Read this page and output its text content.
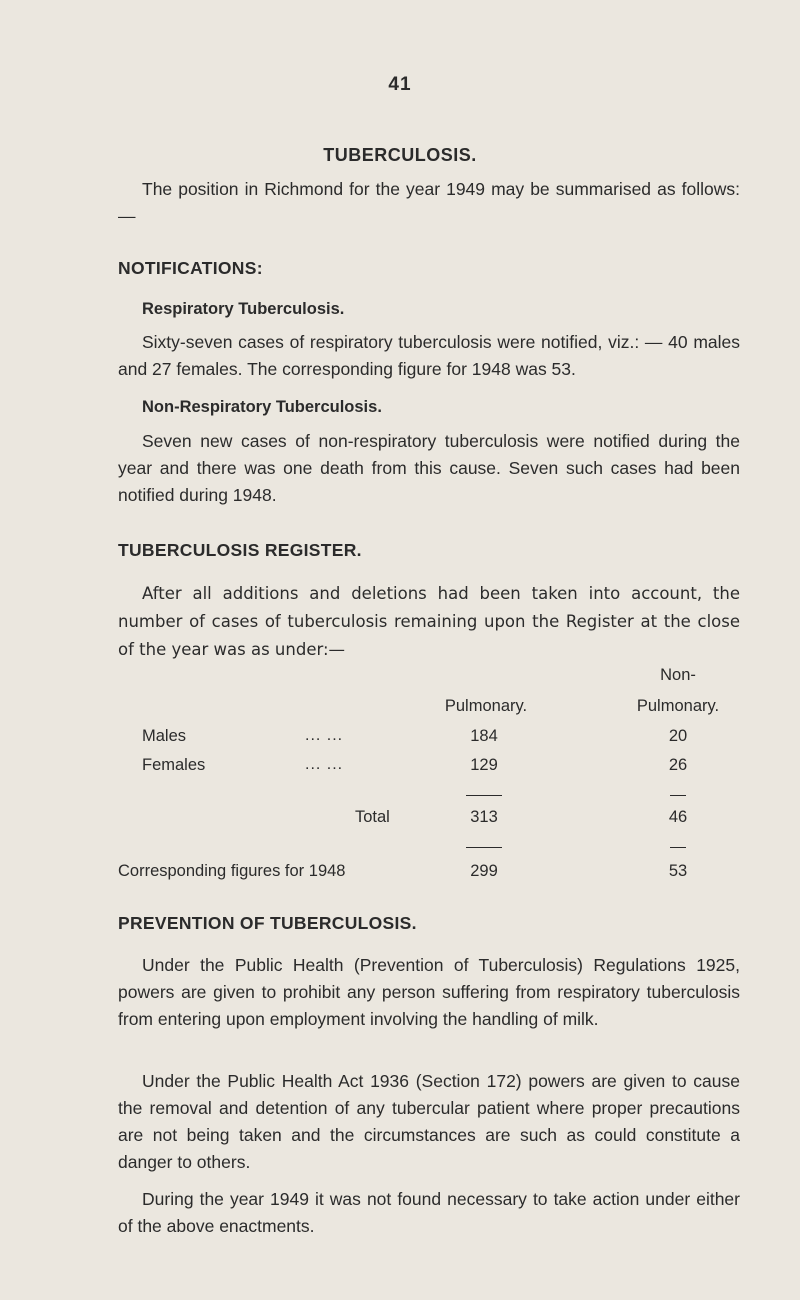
41
TUBERCULOSIS.

The position in Richmond for the year 1949 may be summarised as follows:—

NOTIFICATIONS:
Respiratory Tuberculosis.

Sixty-seven cases of respiratory tuberculosis were notified, viz.: — 40 males and 27 females. The corresponding figure for 1948 was 53.

Non-Respiratory Tuberculosis.

Seven new cases of non-respiratory tuberculosis were notified during the year and there was one death from this cause. Seven such cases had been notified during 1948.

TUBERCULOSIS REGISTER.

After all additions and deletions had been taken into account, the number of cases of tuberculosis remaining upon the Register at the close of the year was as under:—

Non-
Pulmonary.	Pulmonary.
Males	... ...	184	20
Females	... ...	129	26
Total	313	46
Corresponding figures for 1948	299	53
PREVENTION OF TUBERCULOSIS.

Under the Public Health (Prevention of Tuberculosis) Regulations 1925, powers are given to prohibit any person suffering from respiratory tuberculosis from entering upon employment involving the handling of milk.

Under the Public Health Act 1936 (Section 172) powers are given to cause the removal and detention of any tubercular patient where proper precautions are not being taken and the circumstances are such as could constitute a danger to others.

During the year 1949 it was not found necessary to take action under either of the above enactments.
